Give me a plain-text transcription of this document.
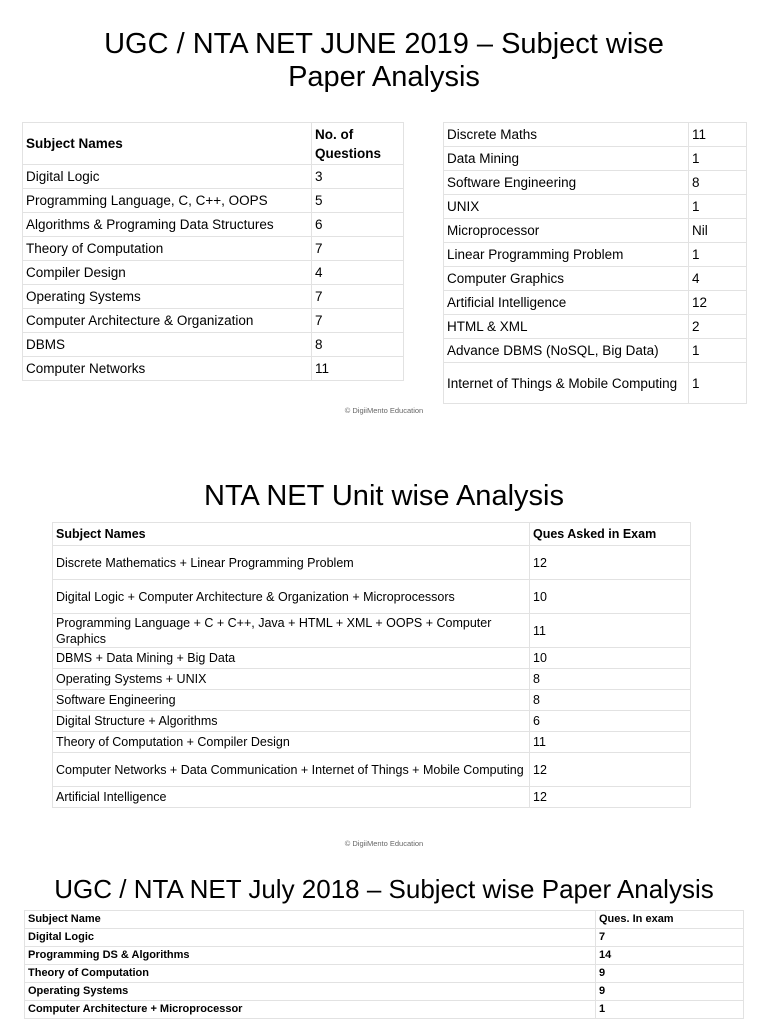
UGC / NTA NET JUNE 2019 – Subject wise
Paper Analysis
Subject Names	No. of Questions
Digital Logic	3
Programming Language, C, C++, OOPS	5
Algorithms & Programing Data Structures	6
Theory of Computation	7
Compiler Design	4
Operating Systems	7
Computer Architecture & Organization	7
DBMS	8
Computer Networks	11
Discrete Maths	11
Data Mining	1
Software Engineering	8
UNIX	1
Microprocessor	Nil
Linear Programming Problem	1
Computer Graphics	4
Artificial Intelligence	12
HTML & XML	2
Advance DBMS (NoSQL, Big Data)	1
Internet of Things & Mobile Computing	1
© DigiiMento Education
NTA NET Unit wise Analysis
Subject Names	Ques Asked in Exam
Discrete Mathematics + Linear Programming Problem	12
Digital Logic + Computer Architecture & Organization + Microprocessors	10
Programming Language + C + C++, Java + HTML + XML + OOPS + Computer Graphics	11
DBMS + Data Mining + Big Data	10
Operating Systems + UNIX	8
Software Engineering	8
Digital Structure + Algorithms	6
Theory of Computation + Compiler Design	11
Computer Networks + Data Communication + Internet of Things + Mobile Computing	12
Artificial Intelligence	12
© DigiiMento Education
UGC / NTA NET July 2018 – Subject wise Paper Analysis
Subject Name	Ques. In exam
Digital Logic	7
Programming DS & Algorithms	14
Theory of Computation	9
Operating Systems	9
Computer Architecture + Microprocessor	1
